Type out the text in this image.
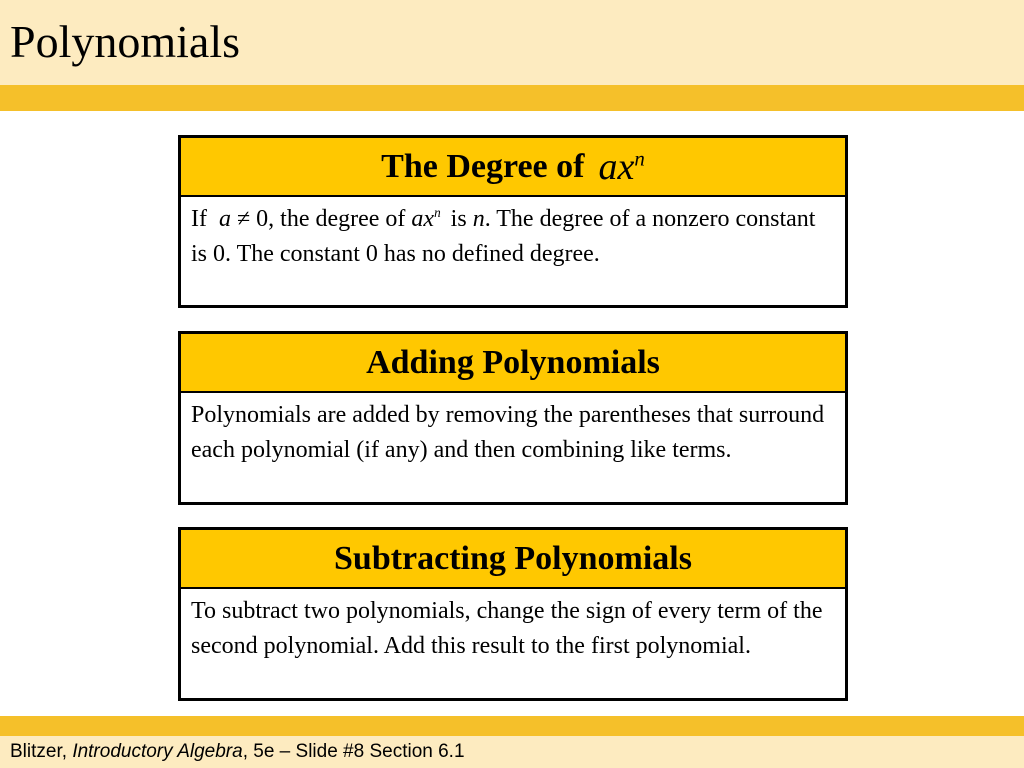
Polynomials
The Degree of $ax^n$
If a ≠ 0, the degree of $ax^n$ is n. The degree of a nonzero constant is 0. The constant 0 has no defined degree.
Adding Polynomials
Polynomials are added by removing the parentheses that surround each polynomial (if any) and then combining like terms.
Subtracting Polynomials
To subtract two polynomials, change the sign of every term of the second polynomial. Add this result to the first polynomial.
Blitzer, Introductory Algebra, 5e – Slide #8 Section 6.1
